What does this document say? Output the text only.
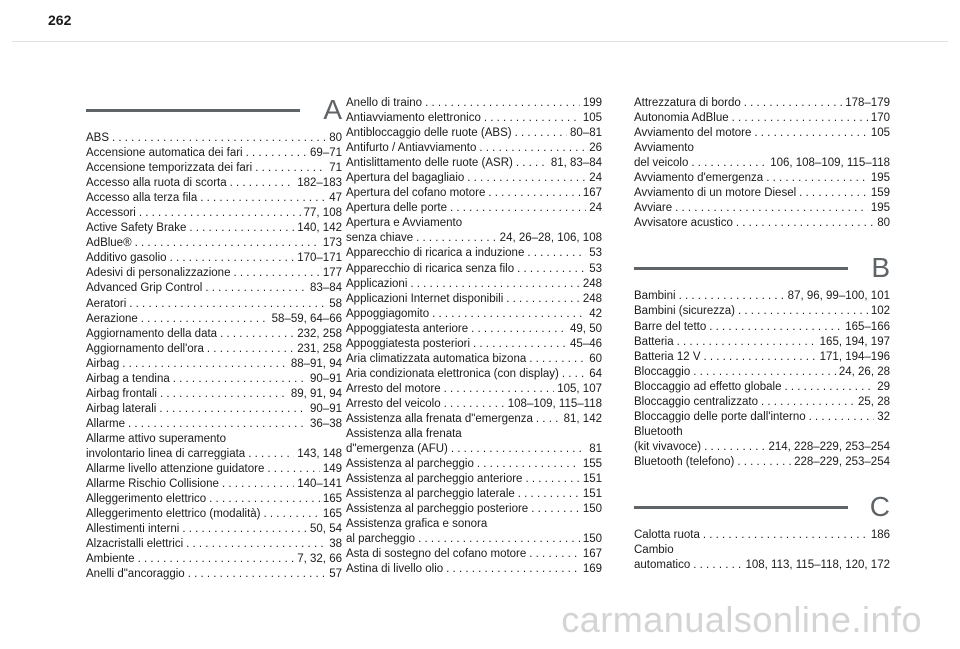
262
A
ABS . . .	80
Accensione automatica dei fari . . .	69–71
Accensione temporizzata dei fari . . .	71
Accesso alla ruota di scorta . . .	182–183
Accesso alla terza fila . . .	47
Accessori . . .	77, 108
Active Safety Brake . . .	140, 142
AdBlue® . . .	173
Additivo gasolio . . .	170–171
Adesivi di personalizzazione . . .	177
Advanced Grip Control . . .	83–84
Aeratori . . .	58
Aerazione . . .	58–59, 64–66
Aggiornamento della data . . .	232, 258
Aggiornamento dell'ora . . .	231, 258
Airbag . . .	88–91, 94
Airbag a tendina . . .	90–91
Airbag frontali . . .	89, 91, 94
Airbag laterali . . .	90–91
Allarme . . .	36–38
Allarme attivo superamento
involontario linea di carreggiata . . .	143, 148
Allarme livello attenzione guidatore . . .	149
Allarme Rischio Collisione . . .	140–141
Alleggerimento elettrico . . .	165
Alleggerimento elettrico (modalità) . . .	165
Allestimenti interni . . .	50, 54
Alzacristalli elettrici . . .	38
Ambiente . . .	7, 32, 66
Anelli d"ancoraggio . . .	57
Anello di traino . . .	199
Antiavviamento elettronico . . .	105
Antibloccaggio delle ruote (ABS) . . .	80–81
Antifurto / Antiavviamento . . .	26
Antislittamento delle ruote (ASR) . . .	81, 83–84
Apertura del bagagliaio . . .	24
Apertura del cofano motore . . .	167
Apertura delle porte . . .	24
Apertura e Avviamento
senza chiave . . .	24, 26–28, 106, 108
Apparecchio di ricarica a induzione . . .	53
Apparecchio di ricarica senza filo . . .	53
Applicazioni . . .	248
Applicazioni Internet disponibili . . .	248
Appoggiagomito . . .	42
Appoggiatesta anteriore . . .	49, 50
Appoggiatesta posteriori . . .	45–46
Aria climatizzata automatica bizona . . .	60
Aria condizionata elettronica (con display) . . .	64
Arresto del motore . . .	105, 107
Arresto del veicolo . . .	108–109, 115–118
Assistenza alla frenata d"emergenza . . .	81, 142
Assistenza alla frenata
d"emergenza (AFU) . . .	81
Assistenza al parcheggio . . .	155
Assistenza al parcheggio anteriore . . .	151
Assistenza al parcheggio laterale . . .	151
Assistenza al parcheggio posteriore . . .	150
Assistenza grafica e sonora
al parcheggio . . .	150
Asta di sostegno del cofano motore . . .	167
Astina di livello olio . . .	169
Attrezzatura di bordo . . .	178–179
Autonomia AdBlue . . .	170
Avviamento del motore . . .	105
Avviamento
del veicolo . . .	106, 108–109, 115–118
Avviamento d'emergenza . . .	195
Avviamento di un motore Diesel . . .	159
Avviare . . .	195
Avvisatore acustico . . .	80
B
Bambini . . .	87, 96, 99–100, 101
Bambini (sicurezza) . . .	102
Barre del tetto . . .	165–166
Batteria . . .	165, 194, 197
Batteria 12 V . . .	171, 194–196
Bloccaggio . . .	24, 26, 28
Bloccaggio ad effetto globale . . .	29
Bloccaggio centralizzato . . .	25, 28
Bloccaggio delle porte dall'interno . . .	32
Bluetooth
(kit vivavoce) . . .	214, 228–229, 253–254
Bluetooth (telefono) . . .	228–229, 253–254
C
Calotta ruota . . .	186
Cambio
automatico . . .	108, 113, 115–118, 120, 172
carmanualsonline.info
